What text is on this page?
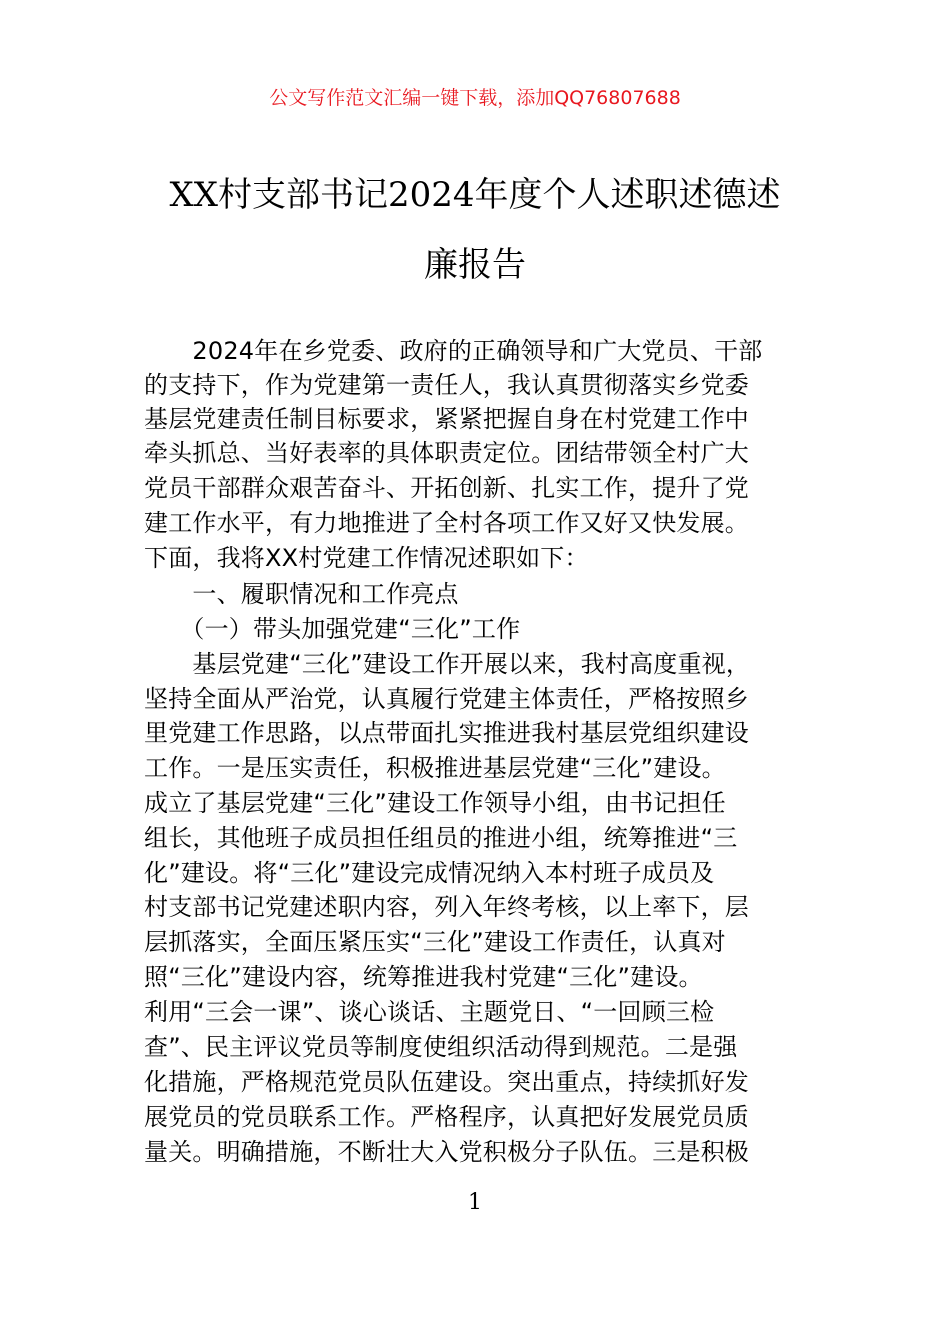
公文写作范文汇编一键下载，添加QQ76807688
XX村支部书记2024年度个人述职述德述
廉报告
　　2024年在乡党委、政府的正确领导和广大党员、干部
的支持下，作为党建第一责任人，我认真贯彻落实乡党委
基层党建责任制目标要求，紧紧把握自身在村党建工作中
牵头抓总、当好表率的具体职责定位。团结带领全村广大
党员干部群众艰苦奋斗、开拓创新、扎实工作，提升了党
建工作水平，有力地推进了全村各项工作又好又快发展。
下面，我将XX村党建工作情况述职如下：
　　一、履职情况和工作亮点
　　（一）带头加强党建“三化”工作
　　基层党建“三化”建设工作开展以来，我村高度重视，
坚持全面从严治党，认真履行党建主体责任，严格按照乡
里党建工作思路，以点带面扎实推进我村基层党组织建设
工作。一是压实责任，积极推进基层党建“三化”建设。
成立了基层党建“三化”建设工作领导小组，由书记担任
组长，其他班子成员担任组员的推进小组，统筹推进“三
化”建设。将“三化”建设完成情况纳入本村班子成员及
村支部书记党建述职内容，列入年终考核，以上率下，层
层抓落实，全面压紧压实“三化”建设工作责任，认真对
照“三化”建设内容，统筹推进我村党建“三化”建设。
利用“三会一课”、谈心谈话、主题党日、“一回顾三检
查”、民主评议党员等制度使组织活动得到规范。二是强
化措施，严格规范党员队伍建设。突出重点，持续抓好发
展党员的党员联系工作。严格程序，认真把好发展党员质
量关。明确措施，不断壮大入党积极分子队伍。三是积极
1
